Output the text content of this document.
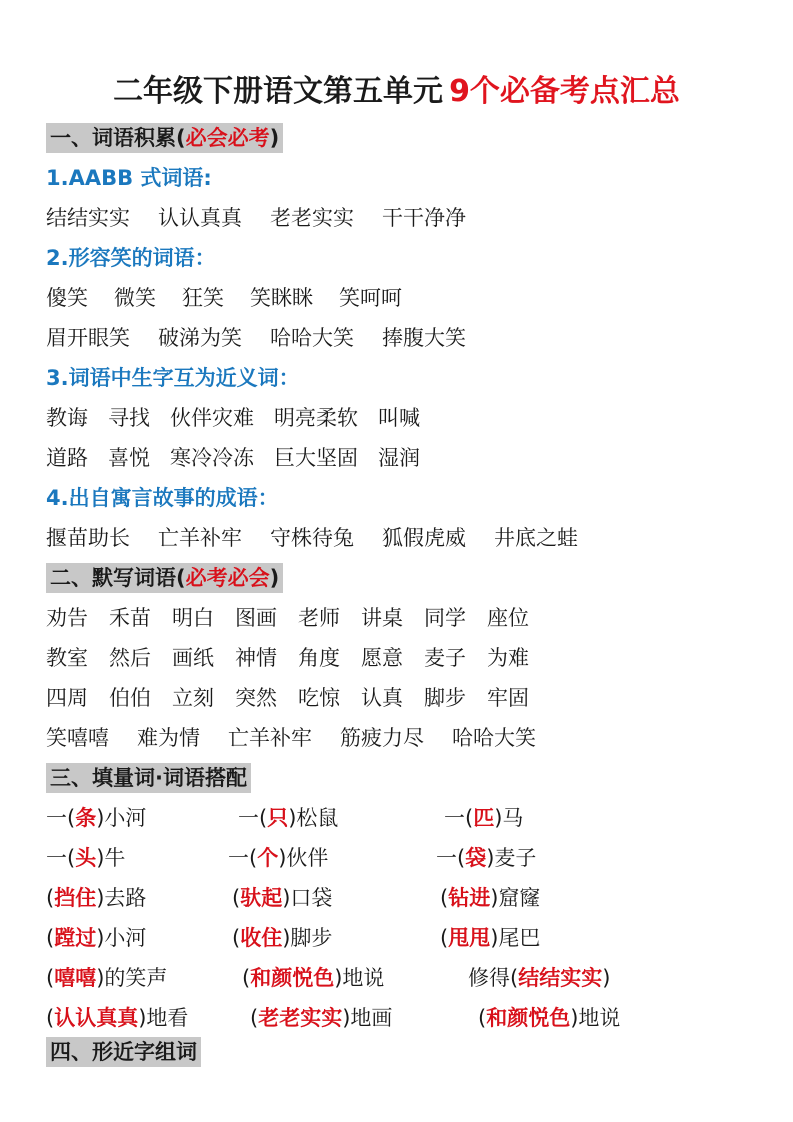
二年级下册语文第五单元 9个必备考点汇总
一、词语积累(必会必考)
1.AABB 式词语:
结结实实 认认真真 老老实实 干干净净
2.形容笑的词语：
傻笑 微笑 狂笑 笑眯眯 笑呵呵
眉开眼笑 破涕为笑 哈哈大笑 捧腹大笑
3.词语中生字互为近义词：
教诲 寻找 伙伴灾难 明亮柔软 叫喊
道路 喜悦 寒冷冷冻 巨大坚固 湿润
4.出自寓言故事的成语：
揠苗助长 亡羊补牢 守株待兔 狐假虎威 井底之蛙
二、默写词语(必考必会)
劝告 禾苗 明白 图画 老师 讲桌 同学 座位
教室 然后 画纸 神情 角度 愿意 麦子 为难
四周 伯伯 立刻 突然 吃惊 认真 脚步 牢固
笑嘻嘻 难为情 亡羊补牢 筋疲力尽 哈哈大笑
三、填量词·词语搭配
一(条)小河	一(只)松鼠	一(匹)马
一(头)牛	一(个)伙伴	一(袋)麦子
(挡住)去路	(驮起)口袋	(钻进)窟窿
(蹚过)小河	(收住)脚步	(甩甩)尾巴
(嘻嘻)的笑声	(和颜悦色)地说	修得(结结实实)
(认认真真)地看	(老老实实)地画	(和颜悦色)地说
四、形近字组词
